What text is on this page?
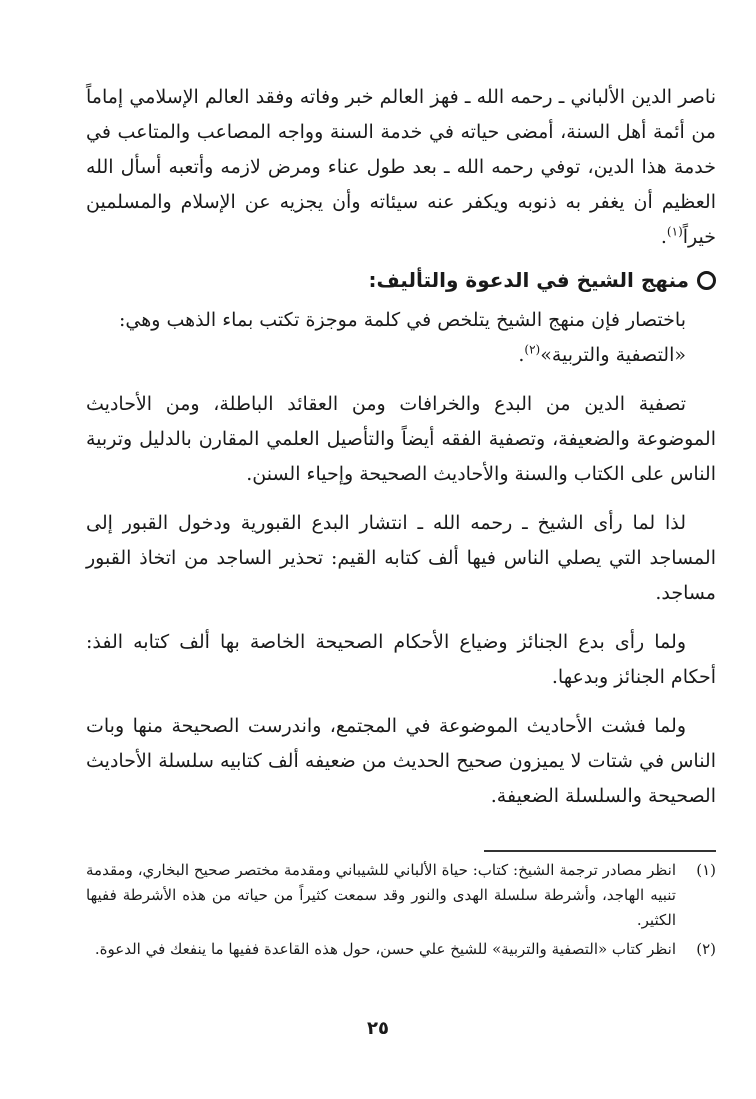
ناصر الدين الألباني ـ رحمه الله ـ فهز العالم خبر وفاته وفقد العالم الإسلامي إماماً من أئمة أهل السنة، أمضى حياته في خدمة السنة وواجه المصاعب والمتاعب في خدمة هذا الدين، توفي رحمه الله ـ بعد طول عناء ومرض لازمه وأتعبه أسأل الله العظيم أن يغفر به ذنوبه ويكفر عنه سيئاته وأن يجزيه عن الإسلام والمسلمين خيراً$^{(١)}$.

منهج الشيخ في الدعوة والتأليف:

باختصار فإن منهج الشيخ يتلخص في كلمة موجزة تكتب بماء الذهب وهي:

«التصفية والتربية»$^{(٢)}$.

تصفية الدين من البدع والخرافات ومن العقائد الباطلة، ومن الأحاديث الموضوعة والضعيفة، وتصفية الفقه أيضاً والتأصيل العلمي المقارن بالدليل وتربية الناس على الكتاب والسنة والأحاديث الصحيحة وإحياء السنن.

لذا لما رأى الشيخ ـ رحمه الله ـ انتشار البدع القبورية ودخول القبور إلى المساجد التي يصلي الناس فيها ألف كتابه القيم: تحذير الساجد من اتخاذ القبور مساجد.

ولما رأى بدع الجنائز وضياع الأحكام الصحيحة الخاصة بها ألف كتابه الفذ: أحكام الجنائز وبدعها.

ولما فشت الأحاديث الموضوعة في المجتمع، واندرست الصحيحة منها وبات الناس في شتات لا يميزون صحيح الحديث من ضعيفه ألف كتابيه سلسلة الأحاديث الصحيحة والسلسلة الضعيفة.

(١)
انظر مصادر ترجمة الشيخ: كتاب: حياة الألباني للشيباني ومقدمة مختصر صحيح البخاري، ومقدمة تنبيه الهاجد، وأشرطة سلسلة الهدى والنور وقد سمعت كثيراً من حياته من هذه الأشرطة ففيها الكثير.
(٢)
انظر كتاب «التصفية والتربية» للشيخ علي حسن، حول هذه القاعدة ففيها ما ينفعك في الدعوة.
٢٥
